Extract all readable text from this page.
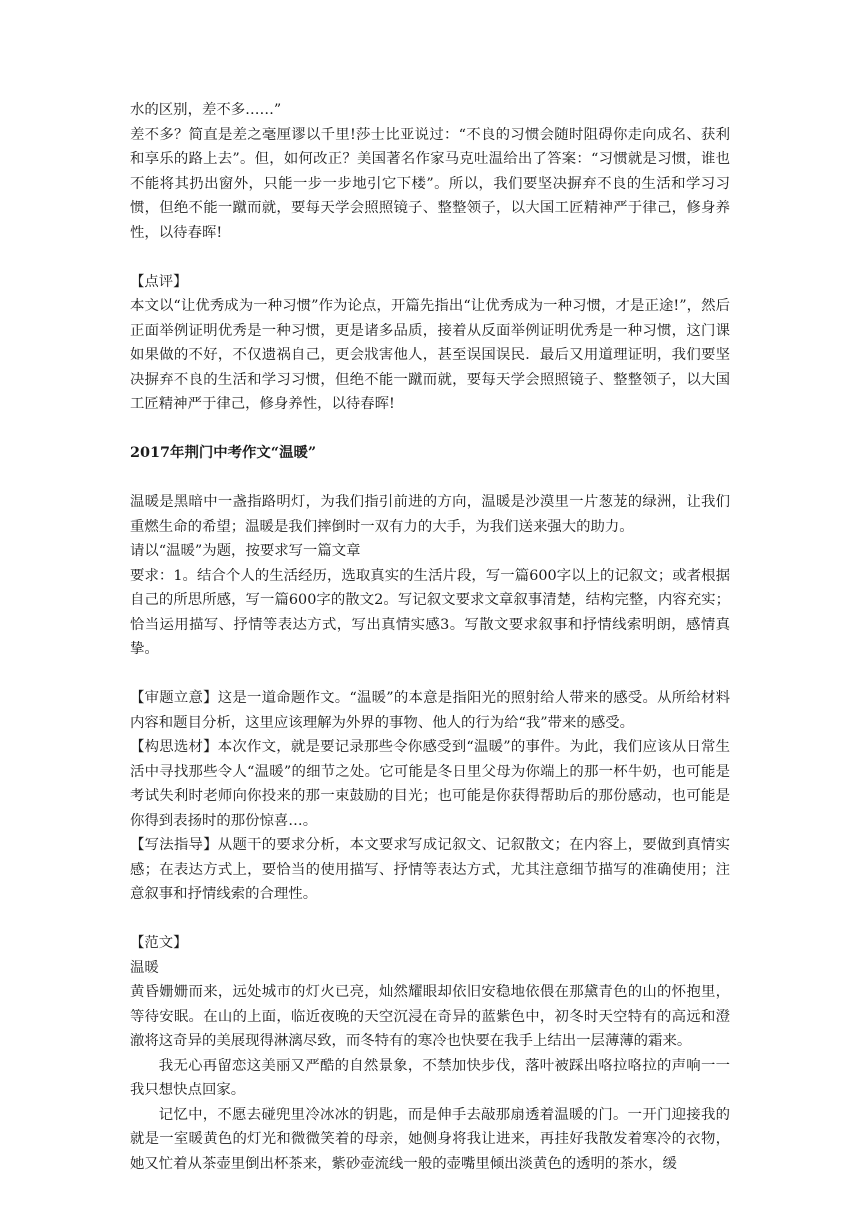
水的区别，差不多……”

差不多？简直是差之毫厘谬以千里!莎士比亚说过：“不良的习惯会随时阻碍你走向成名、获利和享乐的路上去”。但，如何改正？美国著名作家马克吐温给出了答案：“习惯就是习惯，谁也不能将其扔出窗外，只能一步一步地引它下楼”。所以，我们要坚决摒弃不良的生活和学习习惯，但绝不能一蹴而就，要每天学会照照镜子、整整领子，以大国工匠精神严于律己，修身养性，以待春晖!

【点评】

本文以“让优秀成为一种习惯”作为论点，开篇先指出“让优秀成为一种习惯，才是正途!”，然后正面举例证明优秀是一种习惯，更是诸多品质，接着从反面举例证明优秀是一种习惯，这门课如果做的不好，不仅遗祸自己，更会戕害他人，甚至误国误民．最后又用道理证明，我们要坚决摒弃不良的生活和学习习惯，但绝不能一蹴而就，要每天学会照照镜子、整整领子，以大国工匠精神严于律己，修身养性，以待春晖!

2017年荆门中考作文“温暖”

温暖是黑暗中一盏指路明灯，为我们指引前进的方向，温暖是沙漠里一片葱茏的绿洲，让我们重燃生命的希望；温暖是我们摔倒时一双有力的大手，为我们送来强大的助力。

请以“温暖”为题，按要求写一篇文章

要求：1。结合个人的生活经历，选取真实的生活片段，写一篇600字以上的记叙文；或者根据自己的所思所感，写一篇600字的散文2。写记叙文要求文章叙事清楚，结构完整，内容充实；恰当运用描写、抒情等表达方式，写出真情实感3。写散文要求叙事和抒情线索明朗，感情真挚。

【审题立意】这是一道命题作文。“温暖”的本意是指阳光的照射给人带来的感受。从所给材料内容和题目分析，这里应该理解为外界的事物、他人的行为给“我”带来的感受。

【构思选材】本次作文，就是要记录那些令你感受到“温暖”的事件。为此，我们应该从日常生活中寻找那些令人“温暖”的细节之处。它可能是冬日里父母为你端上的那一杯牛奶，也可能是考试失利时老师向你投来的那一束鼓励的目光；也可能是你获得帮助后的那份感动，也可能是你得到表扬时的那份惊喜…。

【写法指导】从题干的要求分析，本文要求写成记叙文、记叙散文；在内容上，要做到真情实感；在表达方式上，要恰当的使用描写、抒情等表达方式，尤其注意细节描写的准确使用；注意叙事和抒情线索的合理性。

【范文】

温暖

黄昏姗姗而来，远处城市的灯火已亮，灿然耀眼却依旧安稳地依偎在那黛青色的山的怀抱里，等待安眠。在山的上面，临近夜晚的天空沉浸在奇异的蓝紫色中，初冬时天空特有的高远和澄澈将这奇异的美展现得淋漓尽致，而冬特有的寒冷也快要在我手上结出一层薄薄的霜来。

我无心再留恋这美丽又严酷的自然景象，不禁加快步伐，落叶被踩出咯拉咯拉的声响一一我只想快点回家。

记忆中，不愿去碰兜里冷冰冰的钥匙，而是伸手去敲那扇透着温暖的门。一开门迎接我的就是一室暖黄色的灯光和微微笑着的母亲，她侧身将我让进来，再挂好我散发着寒冷的衣物，她又忙着从茶壶里倒出杯茶来，紫砂壶流线一般的壶嘴里倾出淡黄色的透明的茶水，缓
